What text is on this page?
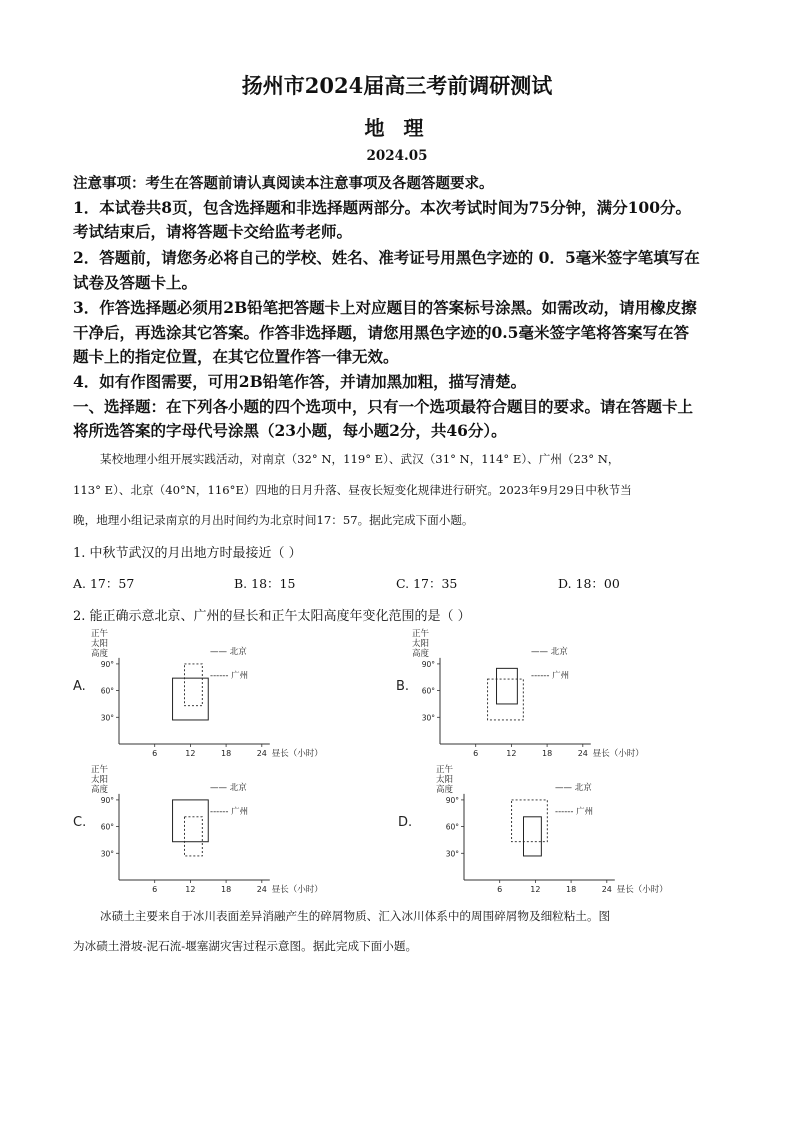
扬州市2024届高三考前调研测试
地 理
2024.05
注意事项：考生在答题前请认真阅读本注意事项及各题答题要求。
1．本试卷共8页，包含选择题和非选择题两部分。本次考试时间为75分钟，满分100分。
考试结束后，请将答题卡交给监考老师。
2．答题前，请您务必将自己的学校、姓名、准考证号用黑色字迹的 0．5毫米签字笔填写在
试卷及答题卡上。
3．作答选择题必须用2B铅笔把答题卡上对应题目的答案标号涂黑。如需改动，请用橡皮擦
干净后，再选涂其它答案。作答非选择题，请您用黑色字迹的0.5毫米签字笔将答案写在答
题卡上的指定位置，在其它位置作答一律无效。
4．如有作图需要，可用2B铅笔作答，并请加黑加粗，描写清楚。
一、选择题：在下列各小题的四个选项中，只有一个选项最符合题目的要求。请在答题卡上
将所选答案的字母代号涂黑（23小题，每小题2分，共46分）。
某校地理小组开展实践活动，对南京（32° N，119° E）、武汉（31° N，114° E）、广州（23° N，
113° E）、北京（40°N，116°E）四地的日月升落、昼夜长短变化规律进行研究。2023年9月29日中秋节当
晚，地理小组记录南京的月出时间约为北京时间17：57。据此完成下面小题。
1. 中秋节武汉的月出地方时最接近（ ）
A. 17：57	B. 18：15	C. 17：35	D. 18：00
2. 能正确示意北京、广州的昼长和正午太阳高度年变化范围的是（ ）
A.
正午
太阳
高度
30°
60°
90°
6	12	18	24 昼长（小时）
—— 北京
------ 广州
B.
正午
太阳
高度
30°
60°
90°
6	12	18	24 昼长（小时）
—— 北京
------ 广州
C.
正午
太阳
高度
30°
60°
90°
6	12	18	24 昼长（小时）
—— 北京
------ 广州
D.
正午
太阳
高度
30°
60°
90°
6	12	18	24 昼长（小时）
—— 北京
------ 广州
冰碛土主要来自于冰川表面差异消融产生的碎屑物质、汇入冰川体系中的周围碎屑物及细粒粘土。图
为冰碛土滑坡-泥石流-堰塞湖灾害过程示意图。据此完成下面小题。
